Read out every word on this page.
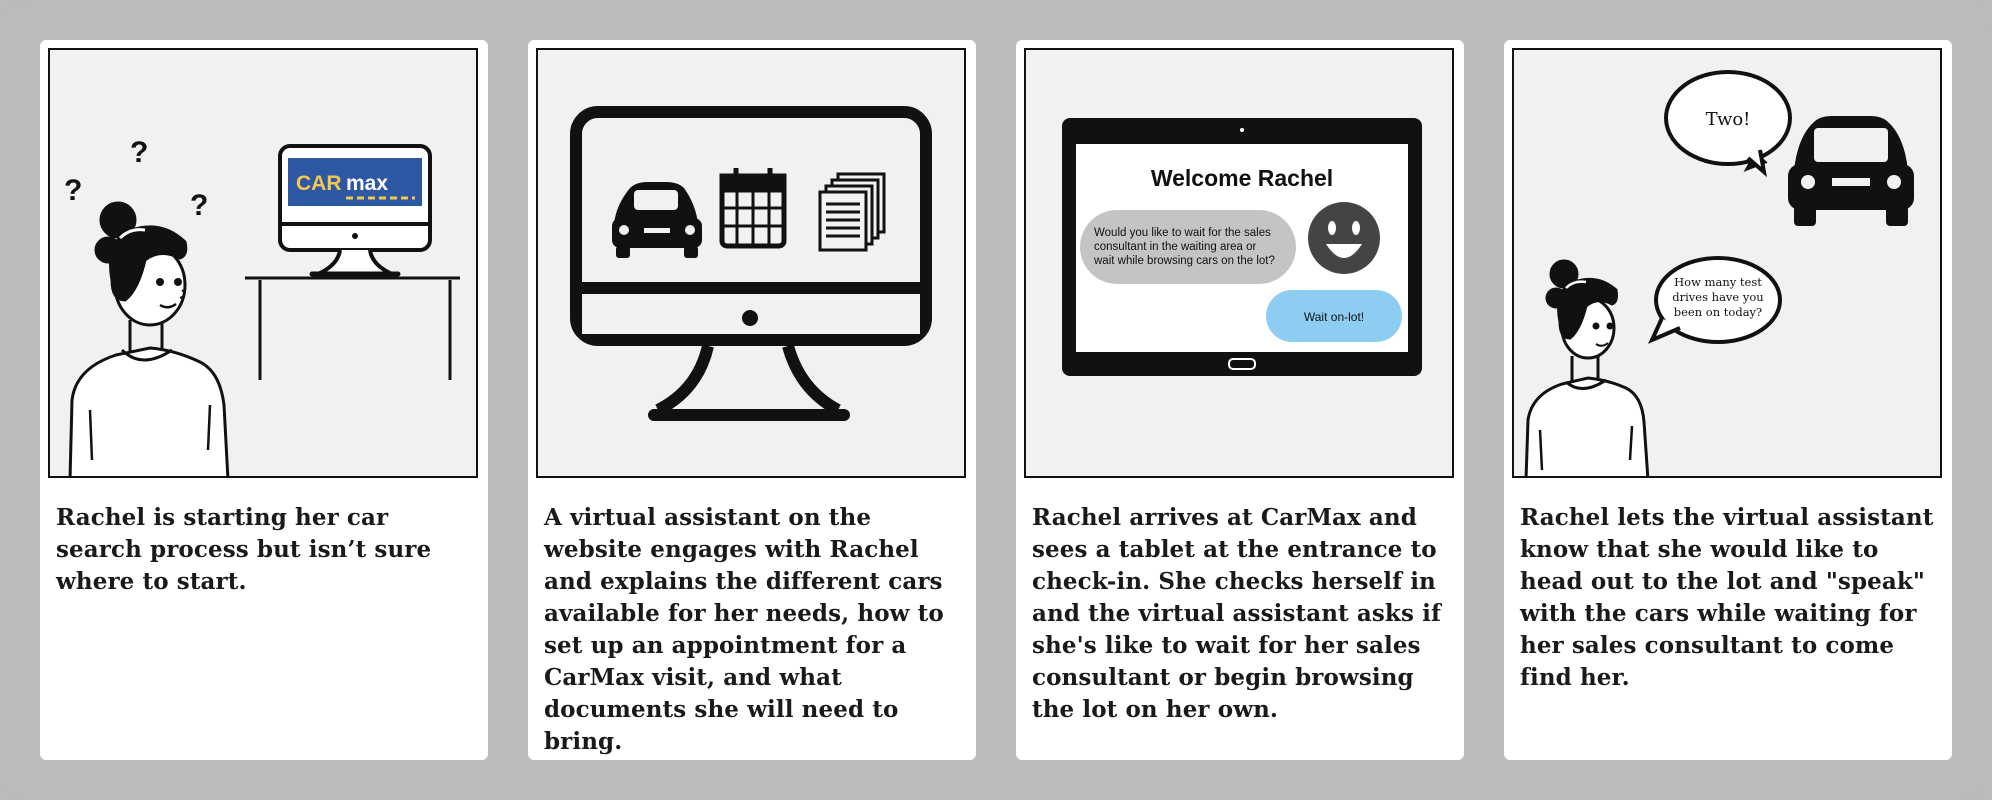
?
?	?
CAR max
Rachel is starting her car search process but isn’t sure where to start.
A virtual assistant on the website engages with Rachel and explains the different cars available for her needs, how to set up an appointment for a CarMax visit, and what documents she will need to bring.
Welcome Rachel
Would you like to wait for the sales
consultant in the waiting area or
wait while browsing cars on the lot?
Wait on-lot!
Rachel arrives at CarMax and sees a tablet at the entrance to check-in. She checks herself in and the virtual assistant asks if she's like to wait for her sales consultant or begin browsing the lot on her own.
Two!
How many test
drives have you
been on today?
Rachel lets the virtual assistant know that she would like to head out to the lot and "speak" with the cars while waiting for her sales consultant to come find her.
